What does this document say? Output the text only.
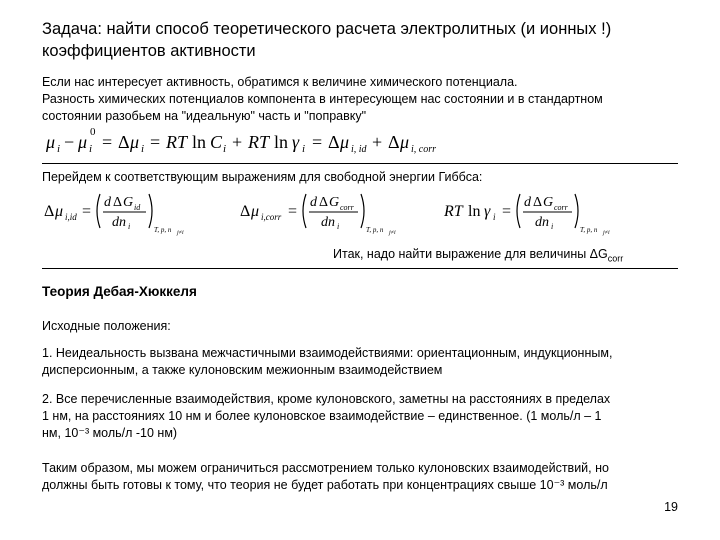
Задача: найти способ теоретического расчета электролитных (и ионных !) коэффициентов активности
Если нас интересует активность, обратимся к величине химического потенциала.
Разность химических потенциалов компонента в интересующем нас состоянии и в стандартном
состоянии разобьем на "идеальную" часть и "поправку"
μ i − μ i
0 = Δ μ i = RT ln C i + RT ln γ i = Δ μ i, id + Δ μ i, corr
Перейдем к соответствующим выражениям для свободной энергии Гиббса:
Δ μ i,id =
d Δ G id
dn i	T, p, n j≠i
Δ μ i,corr =
d Δ G corr
dn i	T, p, n j≠i
RT ln γ i =
d Δ G corr
dn i	T, p, n j≠i
Итак, надо найти выражение для величины $\Delta G_{corr}$
Теория Дебая-Хюккеля
Исходные положения:
1. Неидеальность вызвана межчастичными взаимодействиями: ориентационным, индукционным,
дисперсионным, а также кулоновским межионным взаимодействием
2. Все перечисленные взаимодействия, кроме кулоновского, заметны на расстояниях в пределах
1 нм, на расстояниях 10 нм и более кулоновское взаимодействие – единственное. (1 моль/л – 1
нм, 10⁻³ моль/л -10 нм)
Таким образом, мы можем ограничиться рассмотрением только кулоновских взаимодействий, но
должны быть готовы к тому, что теория не будет работать при концентрациях свыше 10⁻³ моль/л
19
